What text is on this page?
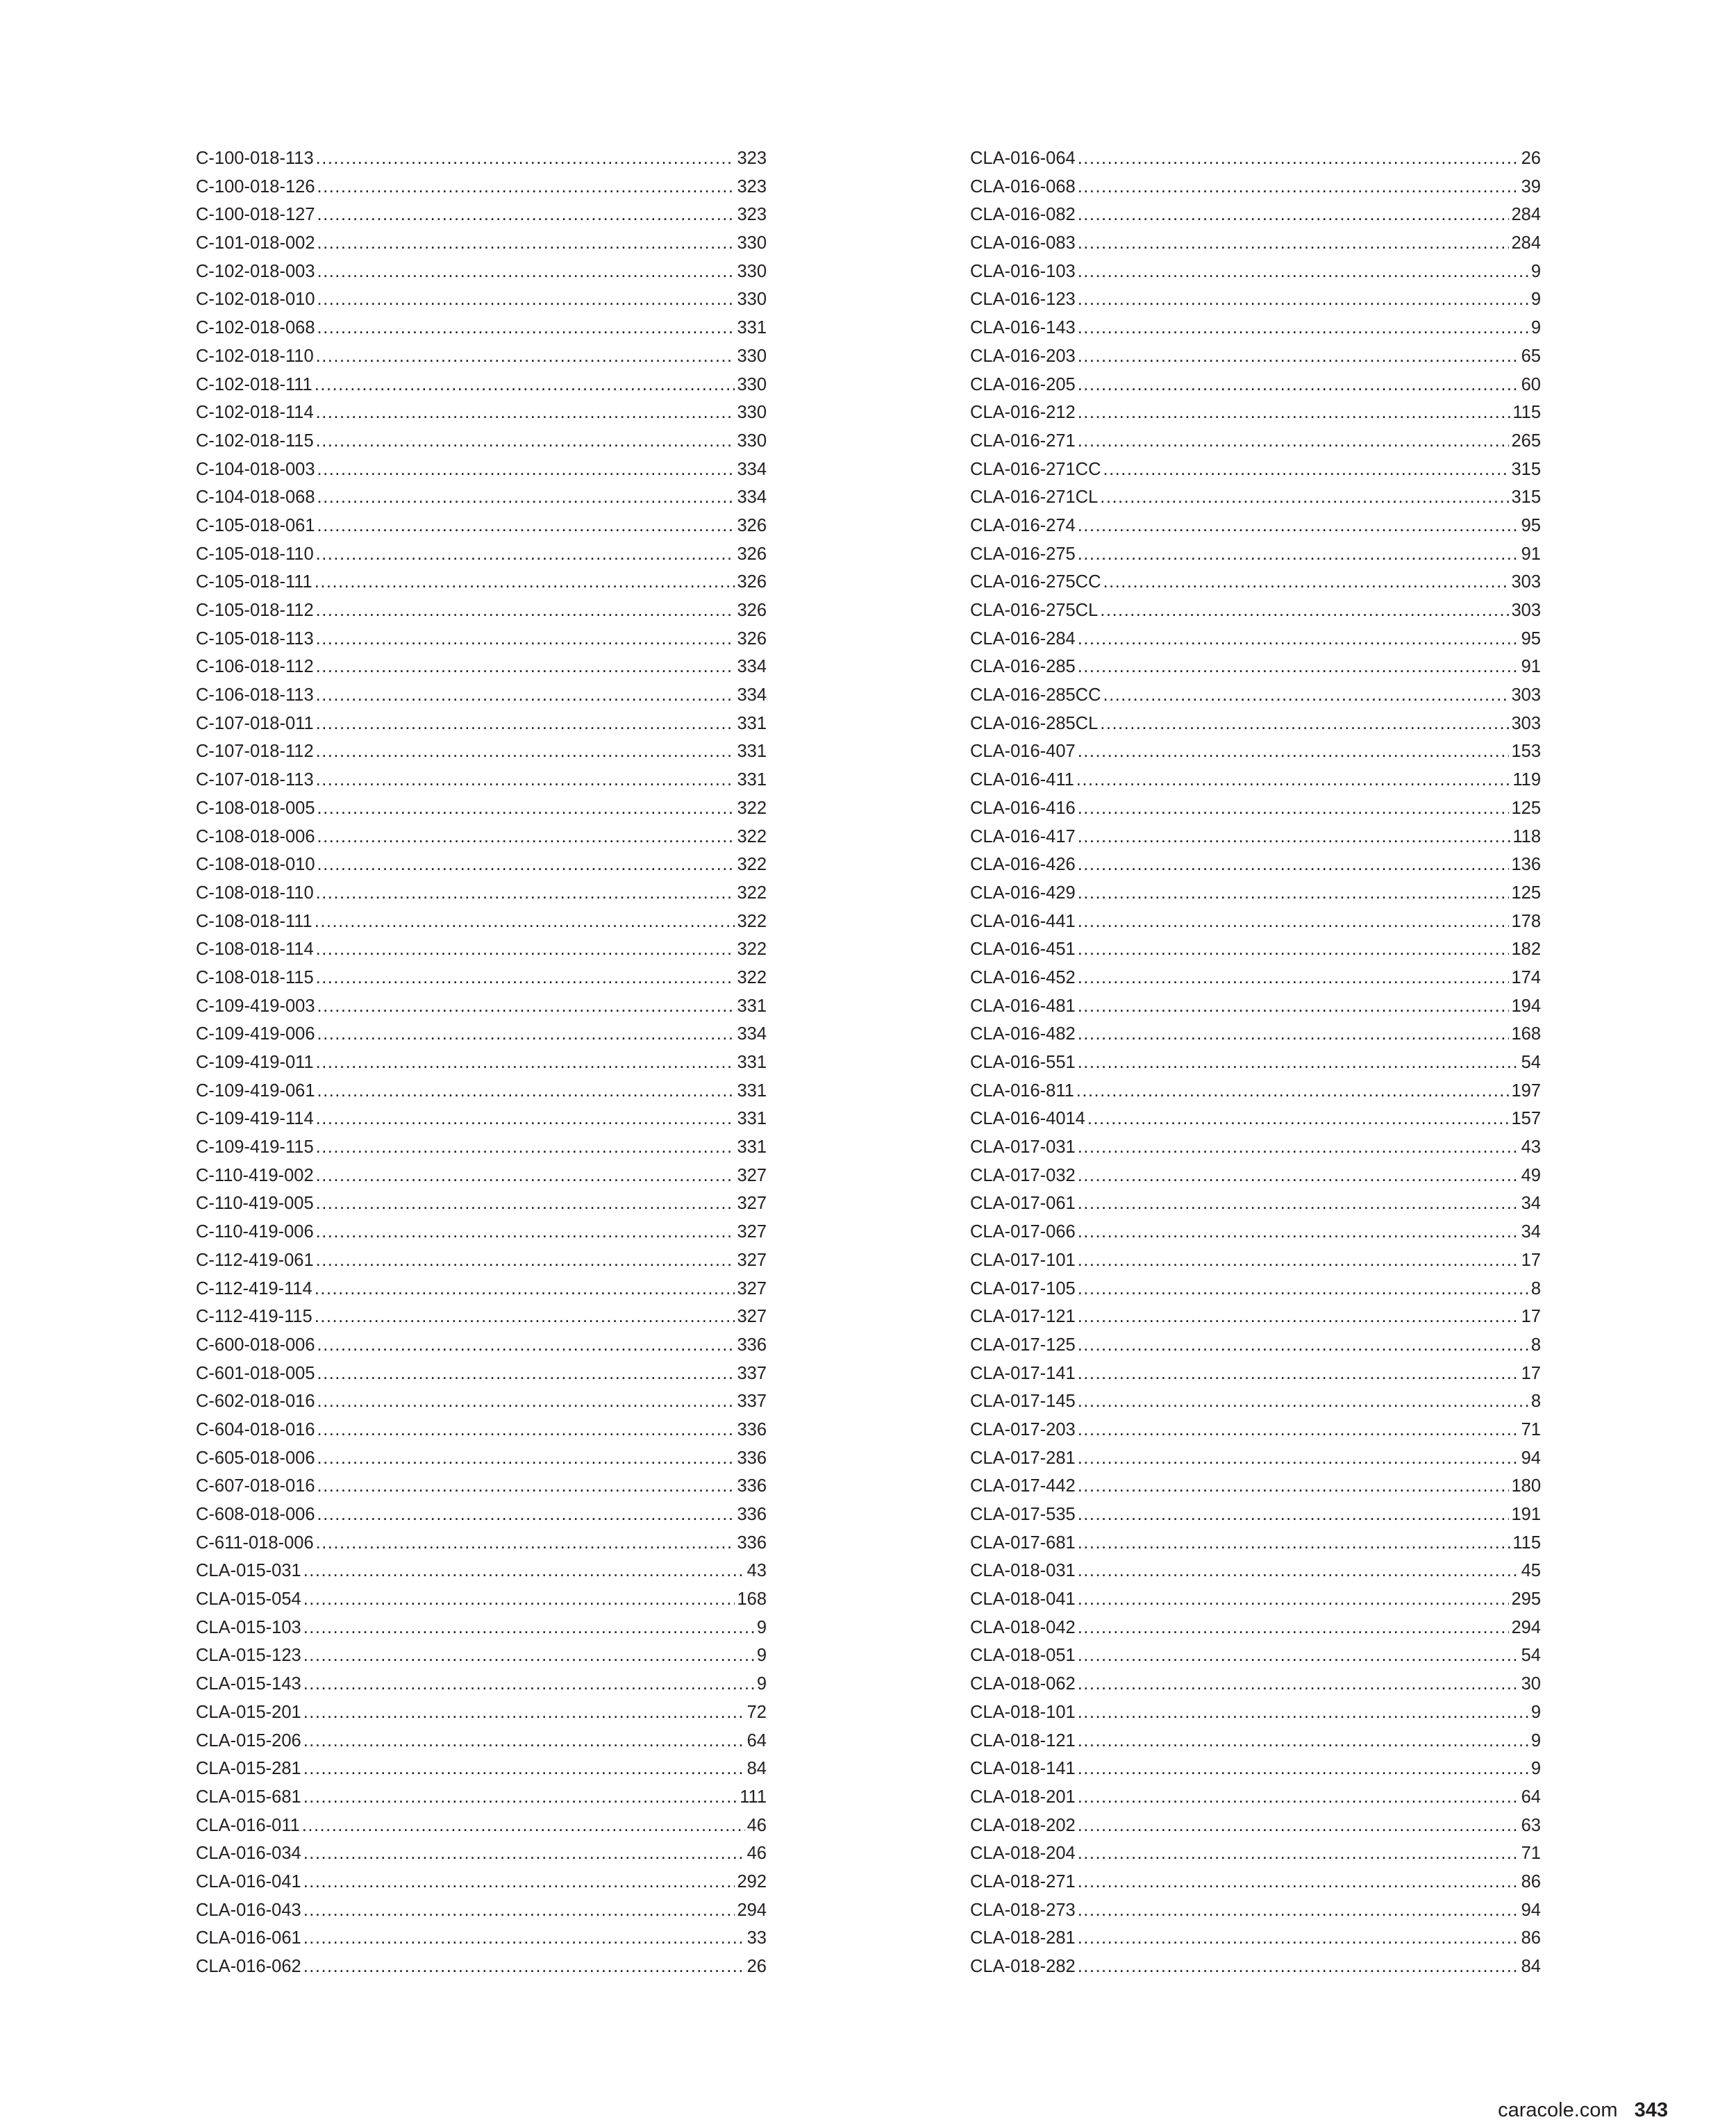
C-100-018-113 .....	323
C-100-018-126 .....	323
C-100-018-127 .....	323
C-101-018-002 .....	330
C-102-018-003 .....	330
C-102-018-010 .....	330
C-102-018-068 .....	331
C-102-018-110 .....	330
C-102-018-111 .....	330
C-102-018-114 .....	330
C-102-018-115 .....	330
C-104-018-003 .....	334
C-104-018-068 .....	334
C-105-018-061 .....	326
C-105-018-110 .....	326
C-105-018-111 .....	326
C-105-018-112 .....	326
C-105-018-113 .....	326
C-106-018-112 .....	334
C-106-018-113 .....	334
C-107-018-011 .....	331
C-107-018-112 .....	331
C-107-018-113 .....	331
C-108-018-005 .....	322
C-108-018-006 .....	322
C-108-018-010 .....	322
C-108-018-110 .....	322
C-108-018-111 .....	322
C-108-018-114 .....	322
C-108-018-115 .....	322
C-109-419-003 .....	331
C-109-419-006 .....	334
C-109-419-011 .....	331
C-109-419-061 .....	331
C-109-419-114 .....	331
C-109-419-115 .....	331
C-110-419-002 .....	327
C-110-419-005 .....	327
C-110-419-006 .....	327
C-112-419-061 .....	327
C-112-419-114 .....	327
C-112-419-115 .....	327
C-600-018-006 .....	336
C-601-018-005 .....	337
C-602-018-016 .....	337
C-604-018-016 .....	336
C-605-018-006 .....	336
C-607-018-016 .....	336
C-608-018-006 .....	336
C-611-018-006 .....	336
CLA-015-031 .....	43
CLA-015-054 .....	168
CLA-015-103 .....	9
CLA-015-123 .....	9
CLA-015-143 .....	9
CLA-015-201 .....	72
CLA-015-206 .....	64
CLA-015-281 .....	84
CLA-015-681 .....	111
CLA-016-011 .....	46
CLA-016-034 .....	46
CLA-016-041 .....	292
CLA-016-043 .....	294
CLA-016-061 .....	33
CLA-016-062 .....	26
CLA-016-064 .....	26
CLA-016-068 .....	39
CLA-016-082 .....	284
CLA-016-083 .....	284
CLA-016-103 .....	9
CLA-016-123 .....	9
CLA-016-143 .....	9
CLA-016-203 .....	65
CLA-016-205 .....	60
CLA-016-212 .....	115
CLA-016-271 .....	265
CLA-016-271CC .....	315
CLA-016-271CL .....	315
CLA-016-274 .....	95
CLA-016-275 .....	91
CLA-016-275CC .....	303
CLA-016-275CL .....	303
CLA-016-284 .....	95
CLA-016-285 .....	91
CLA-016-285CC .....	303
CLA-016-285CL .....	303
CLA-016-407 .....	153
CLA-016-411 .....	119
CLA-016-416 .....	125
CLA-016-417 .....	118
CLA-016-426 .....	136
CLA-016-429 .....	125
CLA-016-441 .....	178
CLA-016-451 .....	182
CLA-016-452 .....	174
CLA-016-481 .....	194
CLA-016-482 .....	168
CLA-016-551 .....	54
CLA-016-811 .....	197
CLA-016-4014 .....	157
CLA-017-031 .....	43
CLA-017-032 .....	49
CLA-017-061 .....	34
CLA-017-066 .....	34
CLA-017-101 .....	17
CLA-017-105 .....	8
CLA-017-121 .....	17
CLA-017-125 .....	8
CLA-017-141 .....	17
CLA-017-145 .....	8
CLA-017-203 .....	71
CLA-017-281 .....	94
CLA-017-442 .....	180
CLA-017-535 .....	191
CLA-017-681 .....	115
CLA-018-031 .....	45
CLA-018-041 .....	295
CLA-018-042 .....	294
CLA-018-051 .....	54
CLA-018-062 .....	30
CLA-018-101 .....	9
CLA-018-121 .....	9
CLA-018-141 .....	9
CLA-018-201 .....	64
CLA-018-202 .....	63
CLA-018-204 .....	71
CLA-018-271 .....	86
CLA-018-273 .....	94
CLA-018-281 .....	86
CLA-018-282 .....	84
caracole.com 343
